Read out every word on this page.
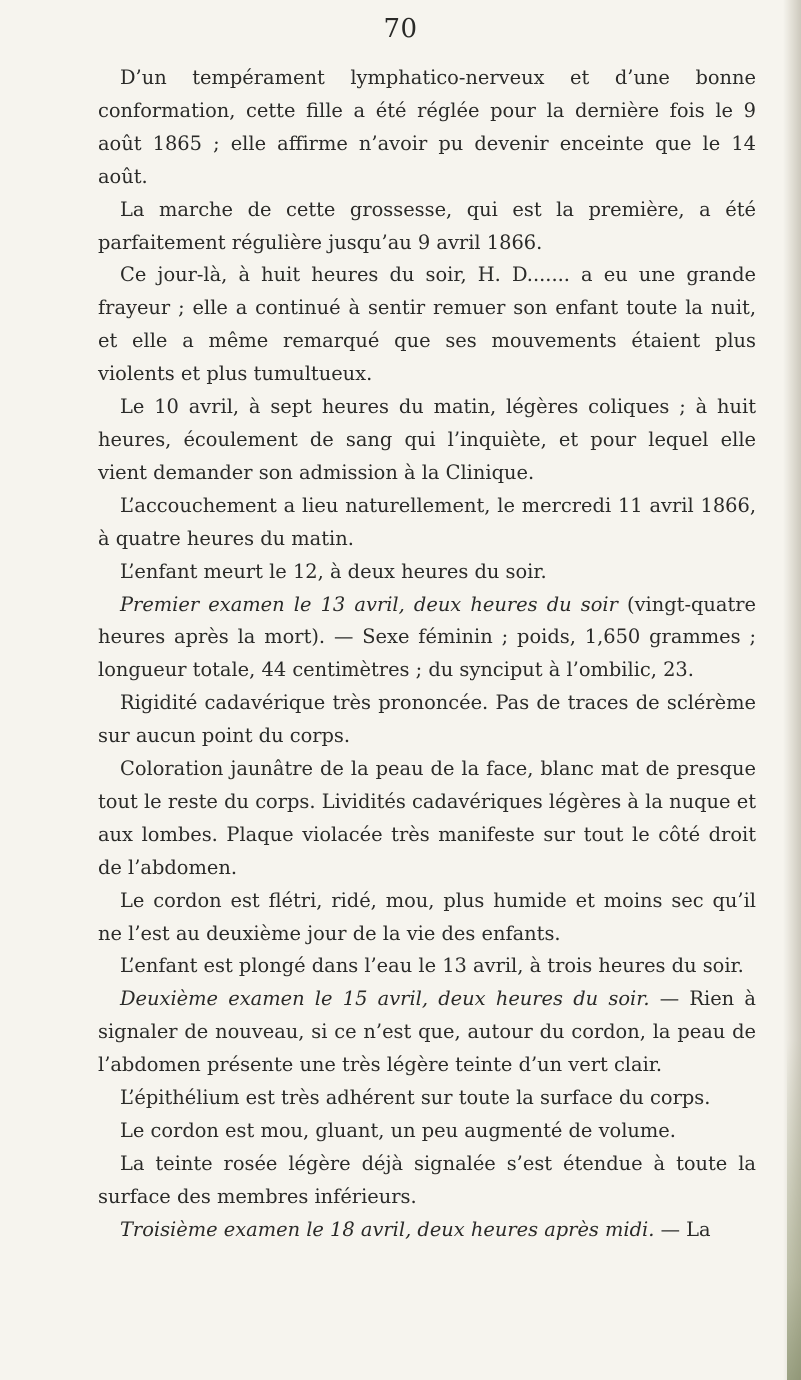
70

D’un tempérament lymphatico-nerveux et d’une bonne conformation, cette fille a été réglée pour la dernière fois le 9 août 1865 ; elle affirme n’avoir pu devenir enceinte que le 14 août.

La marche de cette grossesse, qui est la première, a été parfaitement régulière jusqu’au 9 avril 1866.

Ce jour-là, à huit heures du soir, H. D....... a eu une grande frayeur ; elle a continué à sentir remuer son enfant toute la nuit, et elle a même remarqué que ses mouvements étaient plus violents et plus tumultueux.

Le 10 avril, à sept heures du matin, légères coliques ; à huit heures, écoulement de sang qui l’inquiète, et pour lequel elle vient demander son admission à la Clinique.

L’accouchement a lieu naturellement, le mercredi 11 avril 1866, à quatre heures du matin.

L’enfant meurt le 12, à deux heures du soir.

Premier examen le 13 avril, deux heures du soir (vingt-quatre heures après la mort). — Sexe féminin ; poids, 1,650 grammes ; longueur totale, 44 centimètres ; du synciput à l’ombilic, 23.

Rigidité cadavérique très prononcée. Pas de traces de sclérème sur aucun point du corps.

Coloration jaunâtre de la peau de la face, blanc mat de presque tout le reste du corps. Lividités cadavériques légères à la nuque et aux lombes. Plaque violacée très manifeste sur tout le côté droit de l’abdomen.

Le cordon est flétri, ridé, mou, plus humide et moins sec qu’il ne l’est au deuxième jour de la vie des enfants.

L’enfant est plongé dans l’eau le 13 avril, à trois heures du soir.

Deuxième examen le 15 avril, deux heures du soir. — Rien à signaler de nouveau, si ce n’est que, autour du cordon, la peau de l’abdomen présente une très légère teinte d’un vert clair.

L’épithélium est très adhérent sur toute la surface du corps.

Le cordon est mou, gluant, un peu augmenté de volume.

La teinte rosée légère déjà signalée s’est étendue à toute la surface des membres inférieurs.

Troisième examen le 18 avril, deux heures après midi. — La
